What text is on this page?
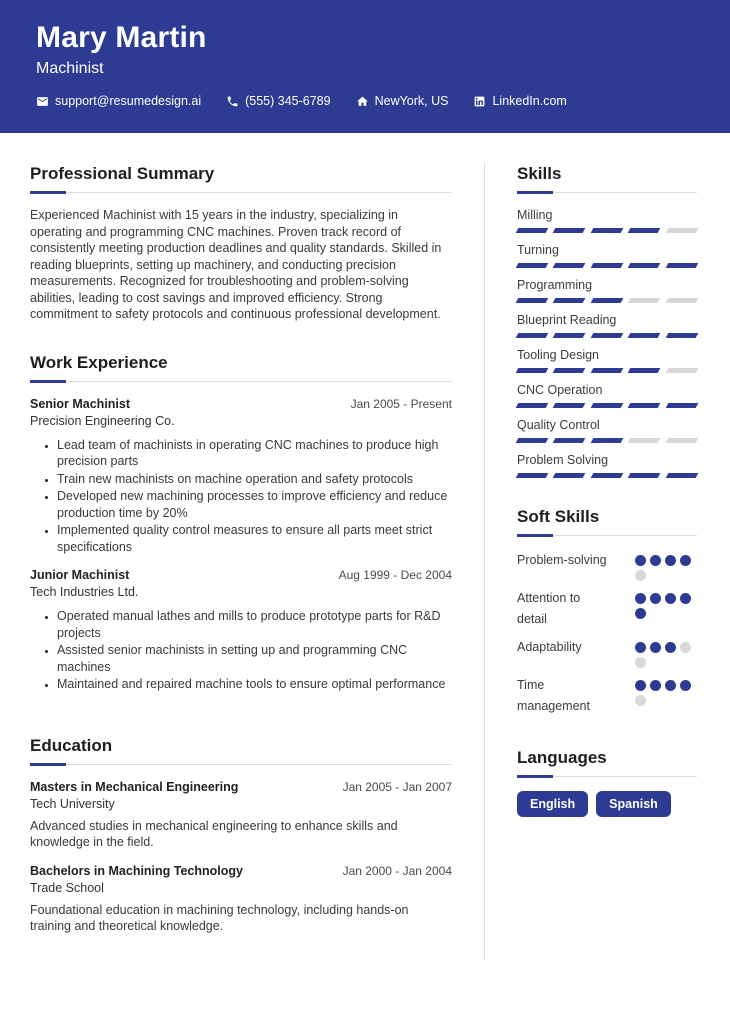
Mary Martin
Machinist
support@resumedesign.ai	(555) 345-6789	NewYork, US	LinkedIn.com
Professional Summary

Experienced Machinist with 15 years in the industry, specializing in operating and programming CNC machines. Proven track record of consistently meeting production deadlines and quality standards. Skilled in reading blueprints, setting up machinery, and conducting precision measurements. Recognized for troubleshooting and problem-solving abilities, leading to cost savings and improved efficiency. Strong commitment to safety protocols and continuous professional development.

Work Experience
Senior Machinist	Jan 2005 - Present
Precision Engineering Co.
• Lead team of machinists in operating CNC machines to produce high precision parts
• Train new machinists on machine operation and safety protocols
• Developed new machining processes to improve efficiency and reduce production time by 20%
• Implemented quality control measures to ensure all parts meet strict specifications
Junior Machinist	Aug 1999 - Dec 2004
Tech Industries Ltd.
• Operated manual lathes and mills to produce prototype parts for R&D projects
• Assisted senior machinists in setting up and programming CNC machines
• Maintained and repaired machine tools to ensure optimal performance
Education
Masters in Mechanical Engineering	Jan 2005 - Jan 2007
Tech University

Advanced studies in mechanical engineering to enhance skills and knowledge in the field.

Bachelors in Machining Technology	Jan 2000 - Jan 2004
Trade School

Foundational education in machining technology, including hands-on training and theoretical knowledge.

Skills
Milling
Turning
Programming
Blueprint Reading
Tooling Design
CNC Operation
Quality Control
Problem Solving
Soft Skills
Problem-solving
Attention to detail
Adaptability
Time management
Languages
English	Spanish
